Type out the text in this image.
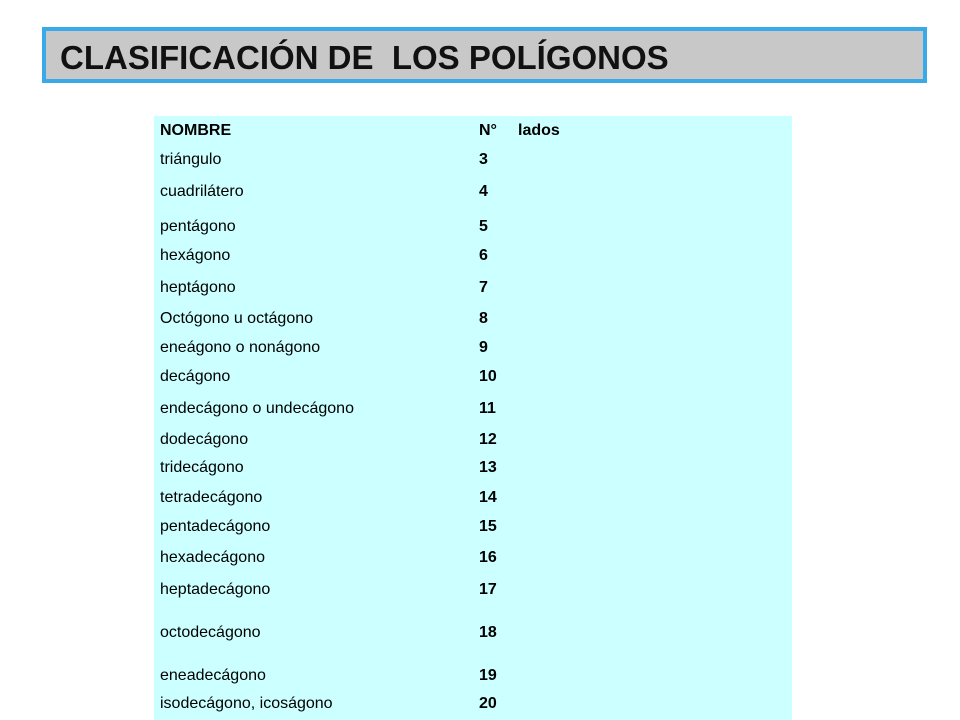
CLASIFICACIÓN DE  LOS POLÍGONOS
NOMBRE	N° lados
triángulo	3
cuadrilátero	4
pentágono	5
hexágono	6
heptágono	7
Octógono u octágono	8
eneágono o nonágono	9
decágono	10
endecágono o undecágono	11
dodecágono	12
tridecágono	13
tetradecágono	14
pentadecágono	15
hexadecágono	16
heptadecágono	17
octodecágono	18
eneadecágono	19
isodecágono, icoságono	20
